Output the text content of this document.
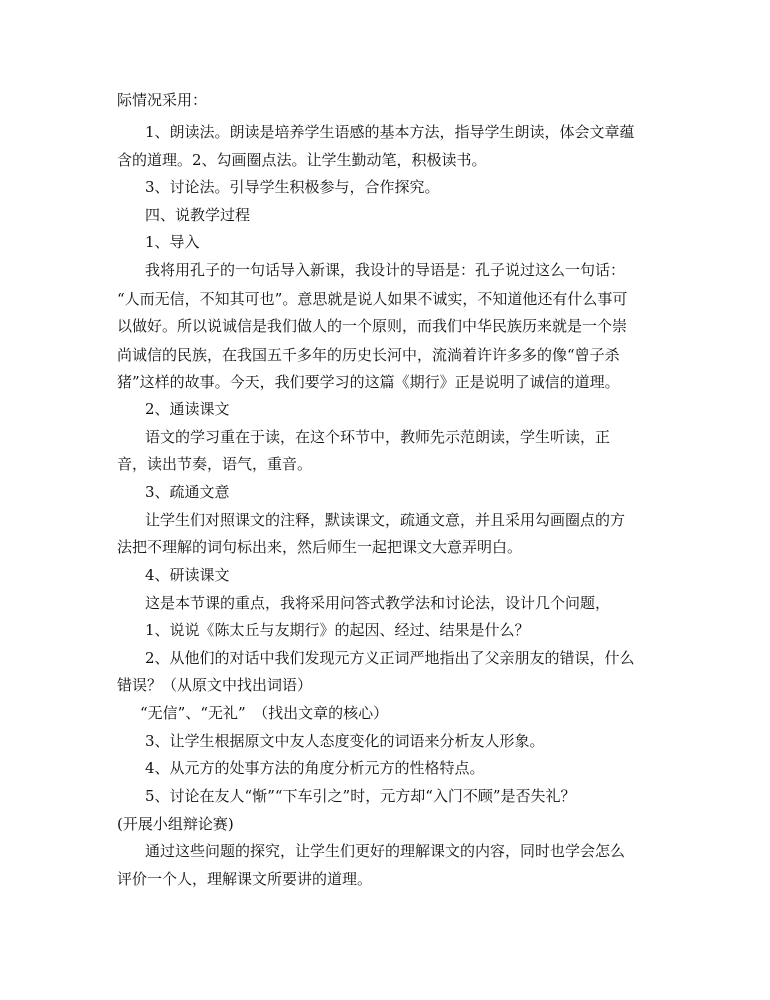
际情况采用：
1、朗读法。朗读是培养学生语感的基本方法，指导学生朗读，体会文章蕴
含的道理。2、勾画圈点法。让学生勤动笔，积极读书。
3、讨论法。引导学生积极参与，合作探究。
四、说教学过程
1、导入
我将用孔子的一句话导入新课，我设计的导语是：孔子说过这么一句话：
“人而无信，不知其可也”。意思就是说人如果不诚实，不知道他还有什么事可
以做好。所以说诚信是我们做人的一个原则，而我们中华民族历来就是一个崇
尚诚信的民族，在我国五千多年的历史长河中，流淌着许许多多的像“曾子杀
猪”这样的故事。今天，我们要学习的这篇《期行》正是说明了诚信的道理。
2、通读课文
语文的学习重在于读，在这个环节中，教师先示范朗读，学生听读，正
音，读出节奏，语气，重音。
3、疏通文意
让学生们对照课文的注释，默读课文，疏通文意，并且采用勾画圈点的方
法把不理解的词句标出来，然后师生一起把课文大意弄明白。
4、研读课文
这是本节课的重点，我将采用问答式教学法和讨论法，设计几个问题，
1、说说《陈太丘与友期行》的起因、经过、结果是什么？
2、从他们的对话中我们发现元方义正词严地指出了父亲朋友的错误，什么
错误？（从原文中找出词语）
“无信”、“无礼”　（找出文章的核心）
3、让学生根据原文中友人态度变化的词语来分析友人形象。
4、从元方的处事方法的角度分析元方的性格特点。
5、讨论在友人“惭”“下车引之”时，元方却“入门不顾”是否失礼？
(开展小组辩论赛)
通过这些问题的探究，让学生们更好的理解课文的内容，同时也学会怎么
评价一个人，理解课文所要讲的道理。
